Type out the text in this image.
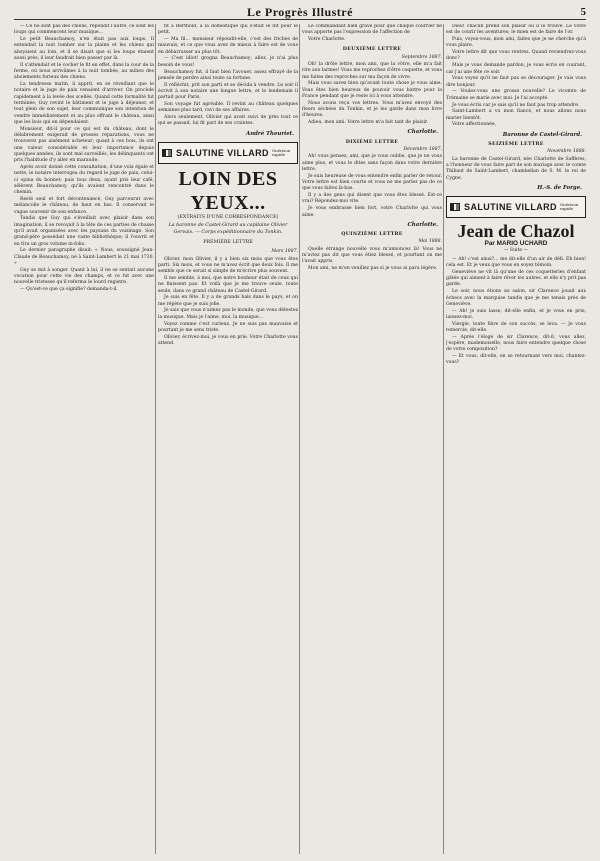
Le Progrès Illustré	5

— Ce ne sont pas des chiens, répondit l'autre, ce sont les loups qui commencent leur musique...

Le petit Beauchamoy, n'en était pas aux loups. Il entendait la nuit tomber sur la plaine et les chiens qui aboyaient au loin, et il se disait que si les loups étaient aussi près, il leur faudrait bien passer par là.

Il s'attendait et le cocher le fit en effet, dans la cour de la ferme, où nous arrivâmes à la nuit tombée, au milieu des aboiements furieux des chiens.

La tendresse matin, il apprit, en se réveillant que le notaire et le juge de paix venaient d'arriver. On procède rapidement à la levée des scellés. Quand cette formalité fut terminée, Guy revint le bâtiment et le juge à déjeuner, et tout plein de son sujet, leur communique son intention de vendre immédiatement et au plus offrant le château, ainsi que les bois qui en dépendaient.

Monsieur, dit-il pour ce qui est du château, dont le délabrement exigerait de grosses réparations, vous ne trouverez pas aisément acheteur; quant à ces bois, ils ont une valeur considérable et leur importance depuis quelques années, ils sont mal surveillés, les délinquants ont pris l'habitude d'y aller en maraude.

Après avoir donné cette consultation, d'une voix égale et nette, le notaire interrogea du regard le juge de paix, celui-ci opina du bonnet; puis tous deux, ayant pris leur café, sélèrent Beauchamoy, qu'ils avaient rencontré dans le chemin.

Resté seul et fort décontenancé, Guy parcourut avec mélancolie le château, de haut en bas. Il conservait le vague souvenir de son enfance.

Tandis que Guy qui s'éveillait avec plaisir dans son imagination, il se revoyait à la tête de ces parties de chasse qu'il avait organisées avec les paysans du voisinage. Son grand-père possédait une vaste bibliothèque; il l'ouvrit et en tira un gros volume in-folio.

Le dernier paragraphe disait: « Nous, soussigné Jean-Claude de Beauchamoy, né à Saint-Lambert le 21 mai 1730. »

Guy se mit à songer. Quant à lui, il ne se sentait aucune vocation pour cette vie des champs, et ce fut avec une nouvelle tristesse qu'il referma le lourd registre.

— Qu'est-ce que ça signifie? demanda-t-il.

fit à Berthold, à la domestique qui s'était le dit pour le petit.

— Ma fil... monsieur répondit-elle, c'est des friches de mauvais, et ce que vous avez de mieux à faire est de vous en débarrasser au plus tôt.

— C'est idiot! grogna Beauchamoy; allez, je n'ai plus besoin de vous!

Beauchamoy fut, il faut bien l'avouer, assez effrayé de la pensée de perdre ainsi toute sa fortune.

Il réfléchit, prit son parti et se décida à vendre. Le soir il écrivit à son notaire une longue lettre, et le lendemain il partait pour Paris.

Son voyage fut agréable. Il revint au château quelques semaines plus tard, ravi de ses affaires.

Alors seulement, Olivier qui avait suivi de près tout ce qui se passait, lui fit part de ses craintes.

André Theuriet.
SALUTINE VILLARD Guérison rapide
LOIN DES YEUX...
(EXTRAITS D'UNE CORRESPONDANCE)
La baronne de Castel-Girard au capitaine Olivier Gervais. — Corps expéditionnaire du Tonkin.
PREMIÈRE LETTRE
Mars 1887.

Olivier, mon Olivier, il y a bien six mois que vous êtes parti. Six mois, et vous ne m'avez écrit que deux fois. Il me semble que ce serait si simple de m'écrire plus souvent.

Il me semble, à moi, que notre bonheur était de ceux qui ne finissent pas. Et voilà que je me trouve seule, toute seule, dans ce grand château de Castel-Girard.

Je suis en fête. Il y a de grands bals dans le pays, et on me répète que je suis jolie.

Je sais que vous n'aimez pas le monde, que vous détestez la musique. Mais je l'aime, moi, la musique...

Voyez comme c'est curieux. Je ne suis pas mauvaise et pourtant je me sens triste.

Olivier, écrivez-moi, je vous en prie. Votre Charlotte vous attend.

Le commandant bien grave pour que chaque courrier ne vous apporte pas l'expression de l'affection de

Votre Charlotte.

DEUXIÈME LETTRE
Septembre 1887.

Oh! la drôle lettre, mon ami, que la vôtre, elle m'a fait rire aux larmes! Vous me reprochez d'être coquette, et vous me faites des reproches sur ma façon de vivre.

Mais vous savez bien qu'avant toute chose je vous aime. Vous êtes bien heureux de pouvoir vous battre pour la France pendant que je reste ici à vous attendre.

Nous avons reçu vos lettres. Vous m'avez envoyé des fleurs séchées du Tonkin, et je les garde dans mon livre d'heures.

Adieu, mon ami. Votre lettre m'a fait tant de plaisir.

Charlotte.
DIXIÈME LETTRE
Décembre 1887.

Ah! vous pensez, ami, que je vous oublie, que je ne vous aime plus, et vous le dites sans façon dans votre dernière lettre.

Je suis heureuse de vous entendre enfin parler de retour. Votre lettre est bien courte et vous ne me parlez pas de ce que vous faites là-bas.

Il y a des gens qui disent que vous êtes blessé. Est-ce vrai? Répondez-moi vite.

Je vous embrasse bien fort, votre Charlotte qui vous aime.

Charlotte.
QUINZIÈME LETTRE
Mai 1888.

Quelle étrange nouvelle vous m'annoncez là! Vous ne m'aviez pas dit que vous étiez blessé, et pourtant on me l'avait appris.

Mon ami, ne m'en veuillez pas si je vous ai paru légère.

Dieu! chacun prend son plaisir où il le trouve. Le vôtre est de courir les aventures; le mien est de faire de l'or.

Puis, voyez-vous, mon ami, faites que je ne cherche qu'à vous plaire.

Votre lettre dit que vous rentrez. Quand reviendrez-vous donc?

Mais je vous demande pardon, je vous écris en courant, car j'ai une fête ce soir.

Vous voyez qu'il ne faut pas se décourager. Je vais vous dire bonjour.

— Voulez-vous une grosse nouvelle? Le vicomte de Trémaine se marie avec moi. Je l'ai accepté.

Je vous écris car je sais qu'il ne faut pas trop attendre.

Saint-Lambert a vu mon fiancé, et nous allons nous marier bientôt.

Votre affectionnée,

Baronne de Castel-Girard.
SEIZIÈME LETTRE
Novembre 1888.

La baronne de Castel-Girard, née Charlotte de Saffères, a l'honneur de vous faire part de son mariage avec le comte Thibaut de Saint-Lambert, chambellan de S. M. le roi de Cygne.

H.-S. de Forge.
SALUTINE VILLARD Guérison rapide
Jean de Chazol
Par MARIO UCHARD
— Suite —

— Ah! c'est ainsi?... me dit-elle d'un air de défi. Eh bien! cela est. Et je veux que vous en soyez témoin.

Geneviève ne vit là qu'une de ces coquetteries d'enfant gâtée qui aiment à faire rêver les autres, et elle n'y prit pas garde.

Le soir, nous étions au salon, sir Clarence jouait aux échecs avec la marquise tandis que je me tenais près de Geneviève.

— Ah! je suis lasse, dit-elle enfin, et je vous en prie, laissez-moi.

Viergie, toute fière de son succès, se leva. — Je vous remercie, dit-elle.

— Après l'éloge de sir Clarence, dit-il, vous allez, j'espère, mademoiselle, nous faire entendre quelque chose de votre composition?

— Et vous, dit-elle, en se retournant vers moi, chantez-vous?
